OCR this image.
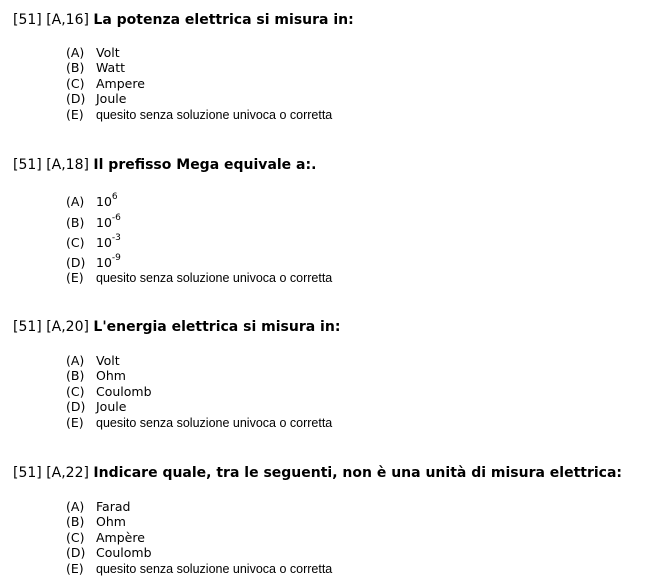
[51] [A,16] La potenza elettrica si misura in:
(A) Volt
(B) Watt
(C) Ampere
(D) Joule
(E) quesito senza soluzione univoca o corretta
[51] [A,18] Il prefisso Mega equivale a:.
(A) $10^6$
(B) $10^{-6}$
(C) $10^{-3}$
(D) $10^{-9}$
(E) quesito senza soluzione univoca o corretta
[51] [A,20] L'energia elettrica si misura in:
(A) Volt
(B) Ohm
(C) Coulomb
(D) Joule
(E) quesito senza soluzione univoca o corretta
[51] [A,22] Indicare quale, tra le seguenti, non è una unità di misura elettrica:
(A) Farad
(B) Ohm
(C) Ampère
(D) Coulomb
(E) quesito senza soluzione univoca o corretta
